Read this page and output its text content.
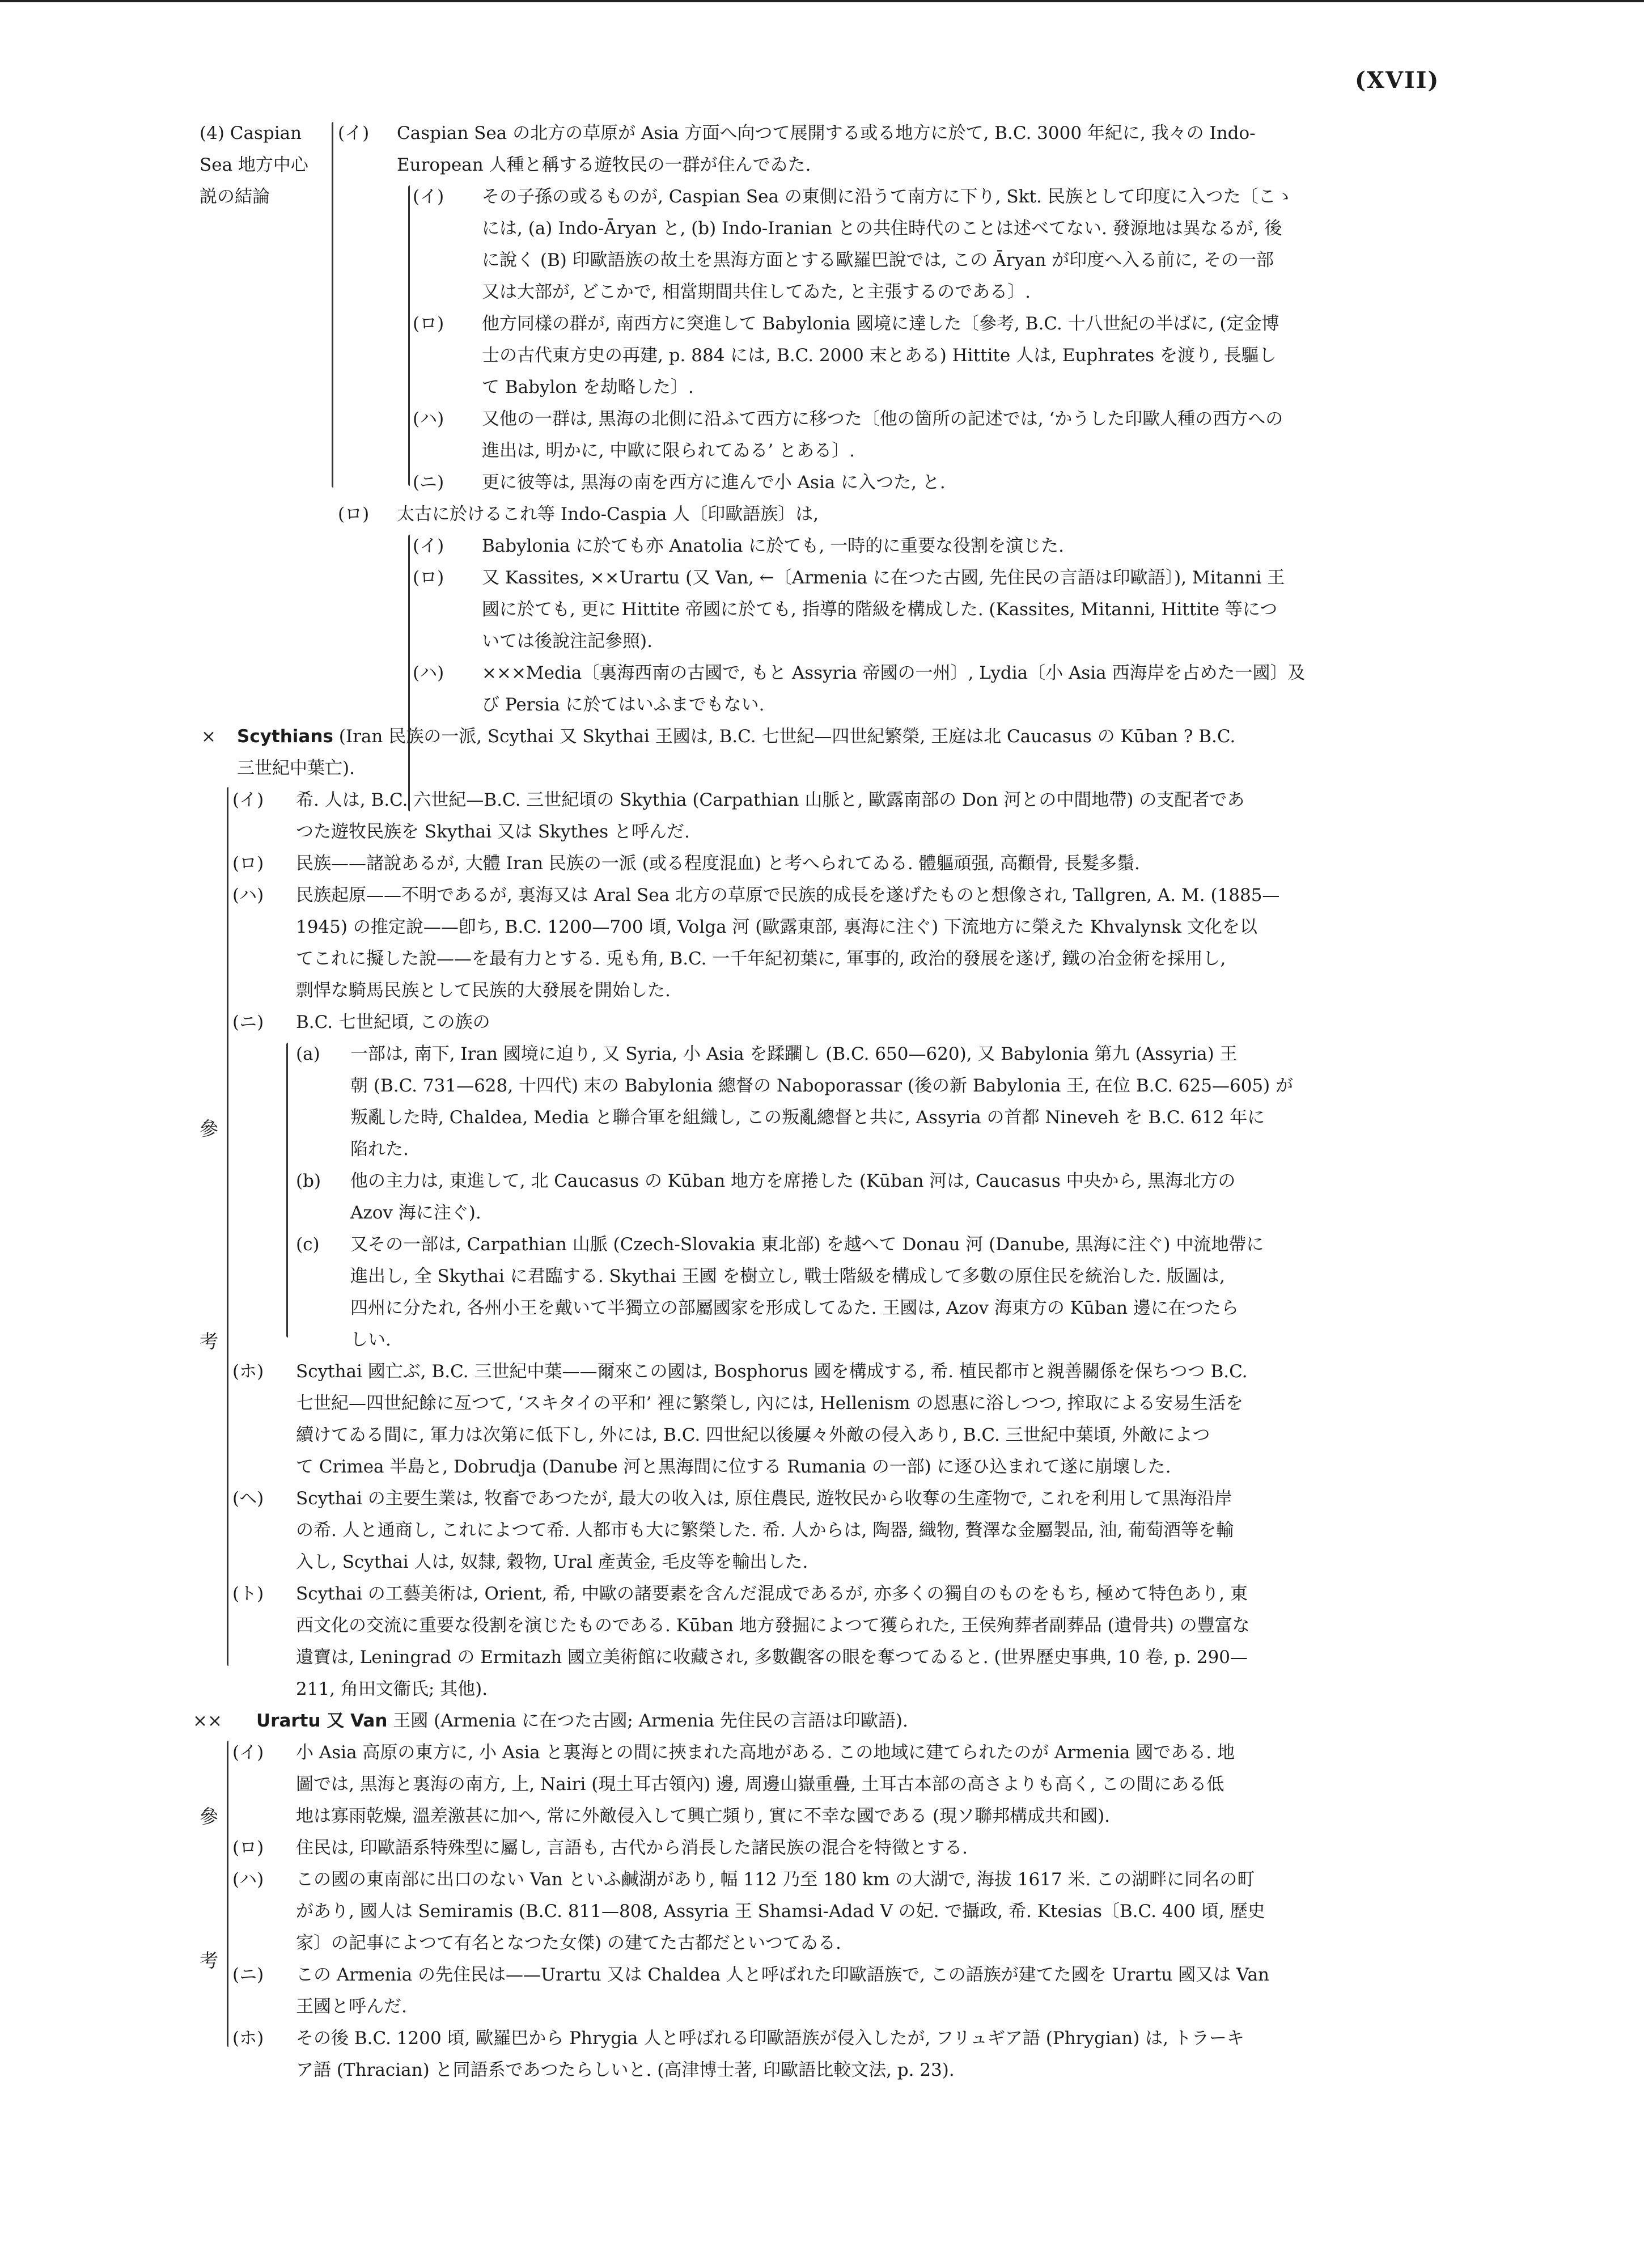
(XVII)
(4) Caspian
Sea 地方中心
説の結論
(イ) Caspian Sea の北方の草原が Asia 方面へ向つて展開する或る地方に於て, B.C. 3000 年紀に, 我々の Indo-
European 人種と稱する遊牧民の一群が住んでゐた.
(イ) その子孫の或るものが, Caspian Sea の東側に沿うて南方に下り, Skt. 民族として印度に入つた〔こゝ
には, (a) Indo-Āryan と, (b) Indo-Iranian との共住時代のことは述べてない. 發源地は異なるが, 後
に說く (B) 印歐語族の故土を黒海方面とする歐羅巴說では, この Āryan が印度へ入る前に, その一部
又は大部が, どこかで, 相當期間共住してゐた, と主張するのである〕.
(ロ) 他方同樣の群が, 南西方に突進して Babylonia 國境に達した〔參考, B.C. 十八世紀の半ばに, (定金博
士の古代東方史の再建, p. 884 には, B.C. 2000 末とある) Hittite 人は, Euphrates を渡り, 長驅し
て Babylon を劫略した〕.
(ハ) 又他の一群は, 黒海の北側に沿ふて西方に移つた〔他の箇所の記述では, ‘かうした印歐人種の西方への
進出は, 明かに, 中歐に限られてゐる’ とある〕.
(ニ) 更に彼等は, 黒海の南を西方に進んで小 Asia に入つた, と.
(ロ) 太古に於けるこれ等 Indo-Caspia 人〔印歐語族〕は,
(イ) Babylonia に於ても亦 Anatolia に於ても, 一時的に重要な役割を演じた.
(ロ) 又 Kassites, ××Urartu (又 Van, ←〔Armenia に在つた古國, 先住民の言語は印歐語〕), Mitanni 王
國に於ても, 更に Hittite 帝國に於ても, 指導的階級を構成した. (Kassites, Mitanni, Hittite 等につ
いては後說注記參照).
(ハ) ×××Media〔裏海西南の古國で, もと Assyria 帝國の一州〕, Lydia〔小 Asia 西海岸を占めた一國〕及
び Persia に於てはいふまでもない.
× Scythians (Iran 民族の一派, Scythai 又 Skythai 王國は, B.C. 七世紀—四世紀繁榮, 王庭は北 Caucasus の Kūban ? B.C.
三世紀中葉亡).
參
考
(イ) 希. 人は, B.C. 六世紀—B.C. 三世紀頃の Skythia (Carpathian 山脈と, 歐露南部の Don 河との中間地帶) の支配者であ
つた遊牧民族を Skythai 又は Skythes と呼んだ.
(ロ) 民族——諸說あるが, 大體 Iran 民族の一派 (或る程度混血) と考へられてゐる. 體軀頑强, 高顴骨, 長髮多鬚.
(ハ) 民族起原——不明であるが, 裏海又は Aral Sea 北方の草原で民族的成長を遂げたものと想像され, Tallgren, A. M. (1885—
1945) の推定說——卽ち, B.C. 1200—700 頃, Volga 河 (歐露東部, 裏海に注ぐ) 下流地方に榮えた Khvalynsk 文化を以
てこれに擬した說——を最有力とする. 兎も角, B.C. 一千年紀初葉に, 軍事的, 政治的發展を遂げ, 鐵の冶金術を採用し,
剽悍な騎馬民族として民族的大發展を開始した.
(ニ) B.C. 七世紀頃, この族の
(a) 一部は, 南下, Iran 國境に迫り, 又 Syria, 小 Asia を蹂躙し (B.C. 650—620), 又 Babylonia 第九 (Assyria) 王
朝 (B.C. 731—628, 十四代) 末の Babylonia 總督の Naboporassar (後の新 Babylonia 王, 在位 B.C. 625—605) が
叛亂した時, Chaldea, Media と聯合軍を組織し, この叛亂總督と共に, Assyria の首都 Nineveh を B.C. 612 年に
陷れた.
(b) 他の主力は, 東進して, 北 Caucasus の Kūban 地方を席捲した (Kūban 河は, Caucasus 中央から, 黒海北方の
Azov 海に注ぐ).
(c) 又その一部は, Carpathian 山脈 (Czech-Slovakia 東北部) を越へて Donau 河 (Danube, 黒海に注ぐ) 中流地帶に
進出し, 全 Skythai に君臨する. Skythai 王國 を樹立し, 戰士階級を構成して多數の原住民を統治した. 版圖は,
四州に分たれ, 各州小王を戴いて半獨立の部屬國家を形成してゐた. 王國は, Azov 海東方の Kūban 邊に在つたら
しい.
(ホ) Scythai 國亡ぶ, B.C. 三世紀中葉——爾來この國は, Bosphorus 國を構成する, 希. 植民都市と親善關係を保ちつつ B.C.
七世紀—四世紀餘に亙つて, ‘スキタイの平和’ 裡に繁榮し, 內には, Hellenism の恩惠に浴しつつ, 搾取による安易生活を
續けてゐる間に, 軍力は次第に低下し, 外には, B.C. 四世紀以後屢々外敵の侵入あり, B.C. 三世紀中葉頃, 外敵によつ
て Crimea 半島と, Dobrudja (Danube 河と黒海間に位する Rumania の一部) に逐ひ込まれて遂に崩壞した.
(ヘ) Scythai の主要生業は, 牧畜であつたが, 最大の收入は, 原住農民, 遊牧民から收奪の生產物で, これを利用して黒海沿岸
の希. 人と通商し, これによつて希. 人都市も大に繁榮した. 希. 人からは, 陶器, 織物, 贅澤な金屬製品, 油, 葡萄酒等を輸
入し, Scythai 人は, 奴隸, 穀物, Ural 產黃金, 毛皮等を輸出した.
(ト) Scythai の工藝美術は, Orient, 希, 中歐の諸要素を含んだ混成であるが, 亦多くの獨自のものをもち, 極めて特色あり, 東
西文化の交流に重要な役割を演じたものである. Kūban 地方發掘によつて獲られた, 王侯殉葬者副葬品 (遺骨共) の豐富な
遺寶は, Leningrad の Ermitazh 國立美術館に收藏され, 多數觀客の眼を奪つてゐると. (世界歷史事典, 10 卷, p. 290—
211, 角田文衞氏; 其他).
×× Urartu 又 Van 王國 (Armenia に在つた古國; Armenia 先住民の言語は印歐語).
參
考
(イ) 小 Asia 高原の東方に, 小 Asia と裏海との間に挾まれた高地がある. この地域に建てられたのが Armenia 國である. 地
圖では, 黒海と裏海の南方, 上, Nairi (現土耳古領內) 邊, 周邊山嶽重疊, 土耳古本部の高さよりも高く, この間にある低
地は寡雨乾燥, 溫差激甚に加へ, 常に外敵侵入して興亡頻り, 實に不幸な國である (現ソ聯邦構成共和國).
(ロ) 住民は, 印歐語系特殊型に屬し, 言語も, 古代から消長した諸民族の混合を特徵とする.
(ハ) この國の東南部に出口のない Van といふ鹹湖があり, 幅 112 乃至 180 km の大湖で, 海拔 1617 米. この湖畔に同名の町
があり, 國人は Semiramis (B.C. 811—808, Assyria 王 Shamsi-Adad V の妃. で攝政, 希. Ktesias〔B.C. 400 頃, 歷史
家〕の記事によつて有名となつた女傑) の建てた古都だといつてゐる.
(ニ) この Armenia の先住民は——Urartu 又は Chaldea 人と呼ばれた印歐語族で, この語族が建てた國を Urartu 國又は Van
王國と呼んだ.
(ホ) その後 B.C. 1200 頃, 歐羅巴から Phrygia 人と呼ばれる印歐語族が侵入したが, フリュギア語 (Phrygian) は, トラーキ
ア語 (Thracian) と同語系であつたらしいと. (高津博士著, 印歐語比較文法, p. 23).
